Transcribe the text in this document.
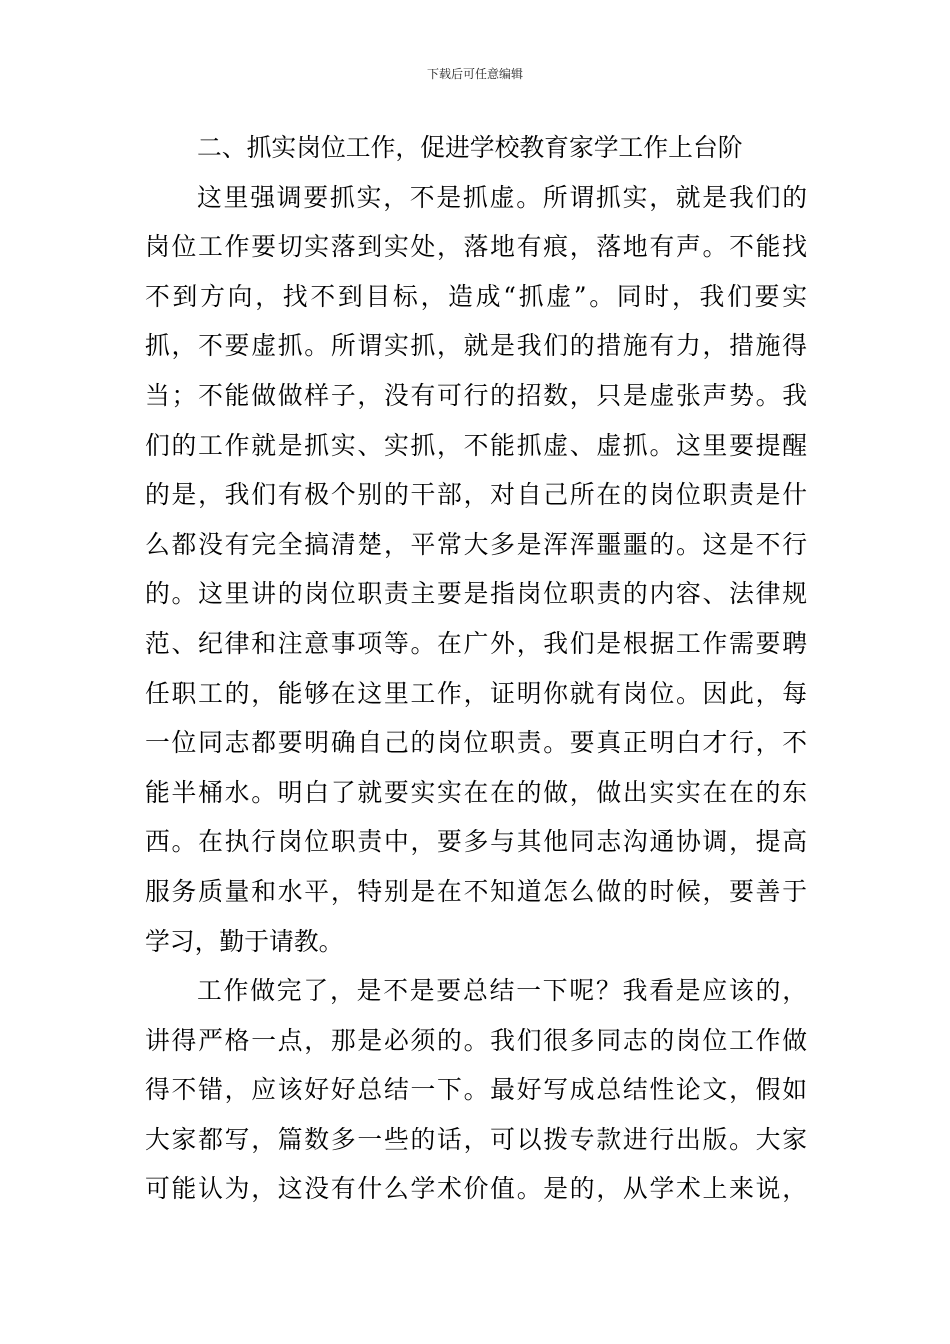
下载后可任意编辑

二、抓实岗位工作，促进学校教育家学工作上台阶

这里强调要抓实，不是抓虚。所谓抓实，就是我们的

岗位工作要切实落到实处，落地有痕，落地有声。不能找

不到方向，找不到目标，造成“抓虚”。同时，我们要实

抓，不要虚抓。所谓实抓，就是我们的措施有力，措施得

当；不能做做样子，没有可行的招数，只是虚张声势。我

们的工作就是抓实、实抓，不能抓虚、虚抓。这里要提醒

的是，我们有极个别的干部，对自己所在的岗位职责是什

么都没有完全搞清楚，平常大多是浑浑噩噩的。这是不行

的。这里讲的岗位职责主要是指岗位职责的内容、法律规

范、纪律和注意事项等。在广外，我们是根据工作需要聘

任职工的，能够在这里工作，证明你就有岗位。因此，每

一位同志都要明确自己的岗位职责。要真正明白才行，不

能半桶水。明白了就要实实在在的做，做出实实在在的东

西。在执行岗位职责中，要多与其他同志沟通协调，提高

服务质量和水平，特别是在不知道怎么做的时候，要善于

学习，勤于请教。

工作做完了，是不是要总结一下呢？我看是应该的，

讲得严格一点，那是必须的。我们很多同志的岗位工作做

得不错，应该好好总结一下。最好写成总结性论文，假如

大家都写，篇数多一些的话，可以拨专款进行出版。大家

可能认为，这没有什么学术价值。是的，从学术上来说，
